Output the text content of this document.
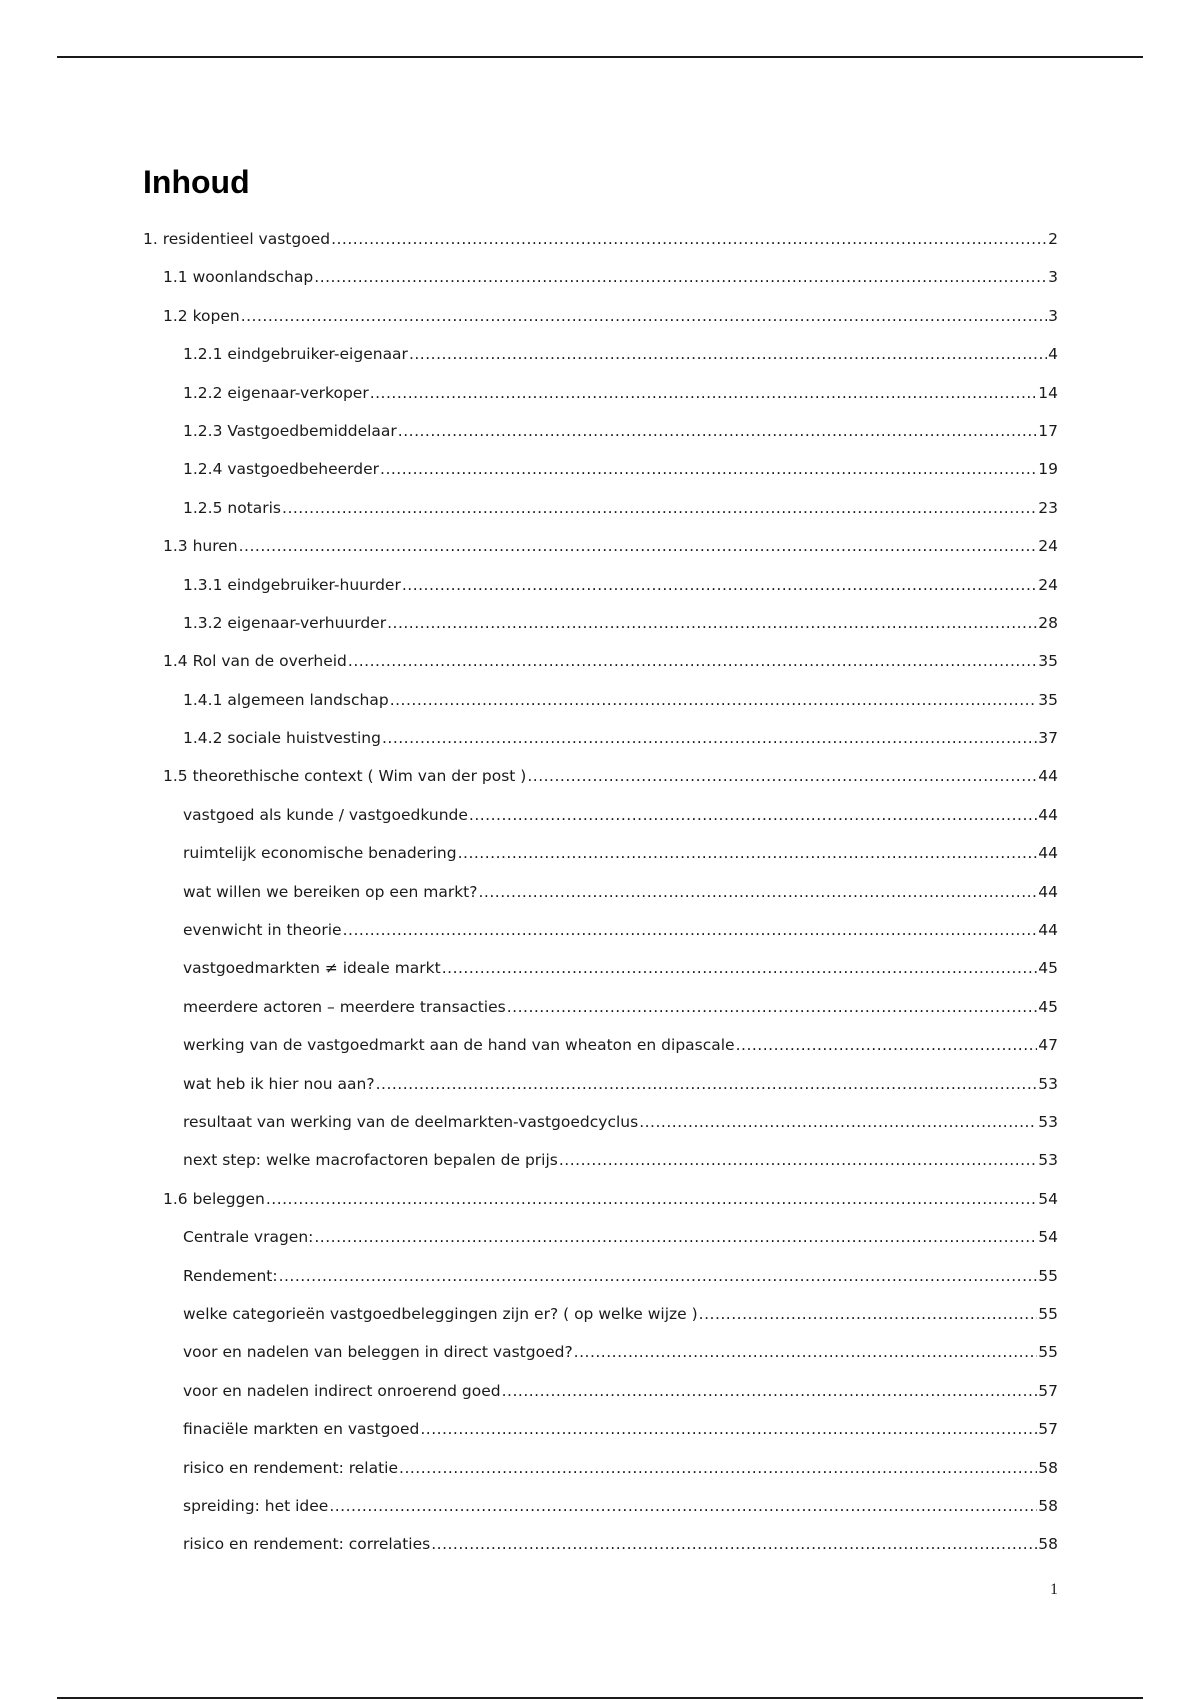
Inhoud
1. residentieel vastgoed .....	2
1.1 woonlandschap .....	3
1.2 kopen .....	3
1.2.1 eindgebruiker-eigenaar .....	4
1.2.2 eigenaar-verkoper .....	14
1.2.3 Vastgoedbemiddelaar .....	17
1.2.4 vastgoedbeheerder .....	19
1.2.5 notaris .....	23
1.3 huren .....	24
1.3.1 eindgebruiker-huurder .....	24
1.3.2 eigenaar-verhuurder .....	28
1.4 Rol van de overheid .....	35
1.4.1 algemeen landschap .....	35
1.4.2 sociale huistvesting .....	37
1.5 theorethische context ( Wim van der post ) .....	44
vastgoed als kunde / vastgoedkunde .....	44
ruimtelijk economische benadering .....	44
wat willen we bereiken op een markt? .....	44
evenwicht in theorie .....	44
vastgoedmarkten ≠ ideale markt .....	45
meerdere actoren – meerdere transacties .....	45
werking van de vastgoedmarkt aan de hand van wheaton en dipascale .....	47
wat heb ik hier nou aan? .....	53
resultaat van werking van de deelmarkten-vastgoedcyclus .....	53
next step: welke macrofactoren bepalen de prijs .....	53
1.6 beleggen .....	54
Centrale vragen: .....	54
Rendement: .....	55
welke categorieën vastgoedbeleggingen zijn er? ( op welke wijze ) .....	55
voor en nadelen van beleggen in direct vastgoed? .....	55
voor en nadelen indirect onroerend goed .....	57
finaciële markten en vastgoed .....	57
risico en rendement: relatie .....	58
spreiding: het idee .....	58
risico en rendement: correlaties .....	58
1
